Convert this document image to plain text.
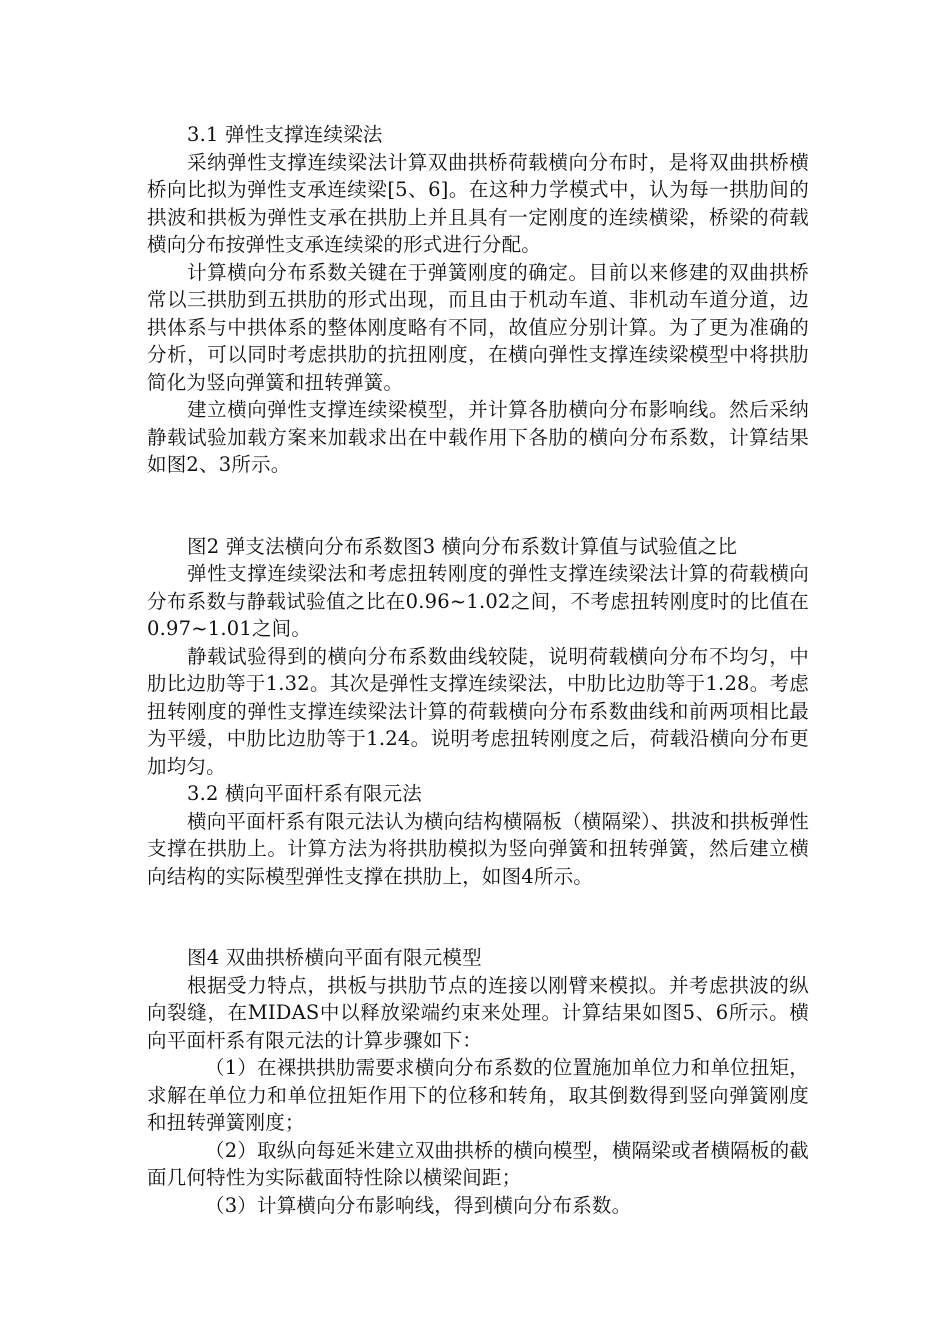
3.1 弹性支撑连续梁法

采纳弹性支撑连续梁法计算双曲拱桥荷载横向分布时，是将双曲拱桥横桥向比拟为弹性支承连续梁[5、6]。在这种力学模式中，认为每一拱肋间的拱波和拱板为弹性支承在拱肋上并且具有一定刚度的连续横梁，桥梁的荷载横向分布按弹性支承连续梁的形式进行分配。

计算横向分布系数关键在于弹簧刚度的确定。目前以来修建的双曲拱桥常以三拱肋到五拱肋的形式出现，而且由于机动车道、非机动车道分道，边拱体系与中拱体系的整体刚度略有不同，故值应分别计算。为了更为准确的分析，可以同时考虑拱肋的抗扭刚度，在横向弹性支撑连续梁模型中将拱肋简化为竖向弹簧和扭转弹簧。

建立横向弹性支撑连续梁模型，并计算各肋横向分布影响线。然后采纳静载试验加载方案来加载求出在中载作用下各肋的横向分布系数，计算结果如图2、3所示。

图2 弹支法横向分布系数图3 横向分布系数计算值与试验值之比

弹性支撑连续梁法和考虑扭转刚度的弹性支撑连续梁法计算的荷载横向分布系数与静载试验值之比在0.96~1.02之间，不考虑扭转刚度时的比值在0.97~1.01之间。

静载试验得到的横向分布系数曲线较陡，说明荷载横向分布不均匀，中肋比边肋等于1.32。其次是弹性支撑连续梁法，中肋比边肋等于1.28。考虑扭转刚度的弹性支撑连续梁法计算的荷载横向分布系数曲线和前两项相比最为平缓，中肋比边肋等于1.24。说明考虑扭转刚度之后，荷载沿横向分布更加均匀。

3.2 横向平面杆系有限元法

横向平面杆系有限元法认为横向结构横隔板（横隔梁）、拱波和拱板弹性支撑在拱肋上。计算方法为将拱肋模拟为竖向弹簧和扭转弹簧，然后建立横向结构的实际模型弹性支撑在拱肋上，如图4所示。

图4 双曲拱桥横向平面有限元模型

根据受力特点，拱板与拱肋节点的连接以刚臂来模拟。并考虑拱波的纵向裂缝，在MIDAS中以释放梁端约束来处理。计算结果如图5、6所示。横向平面杆系有限元法的计算步骤如下：

（1）在裸拱拱肋需要求横向分布系数的位置施加单位力和单位扭矩，求解在单位力和单位扭矩作用下的位移和转角，取其倒数得到竖向弹簧刚度和扭转弹簧刚度；

（2）取纵向每延米建立双曲拱桥的横向模型，横隔梁或者横隔板的截面几何特性为实际截面特性除以横梁间距；

（3）计算横向分布影响线，得到横向分布系数。
